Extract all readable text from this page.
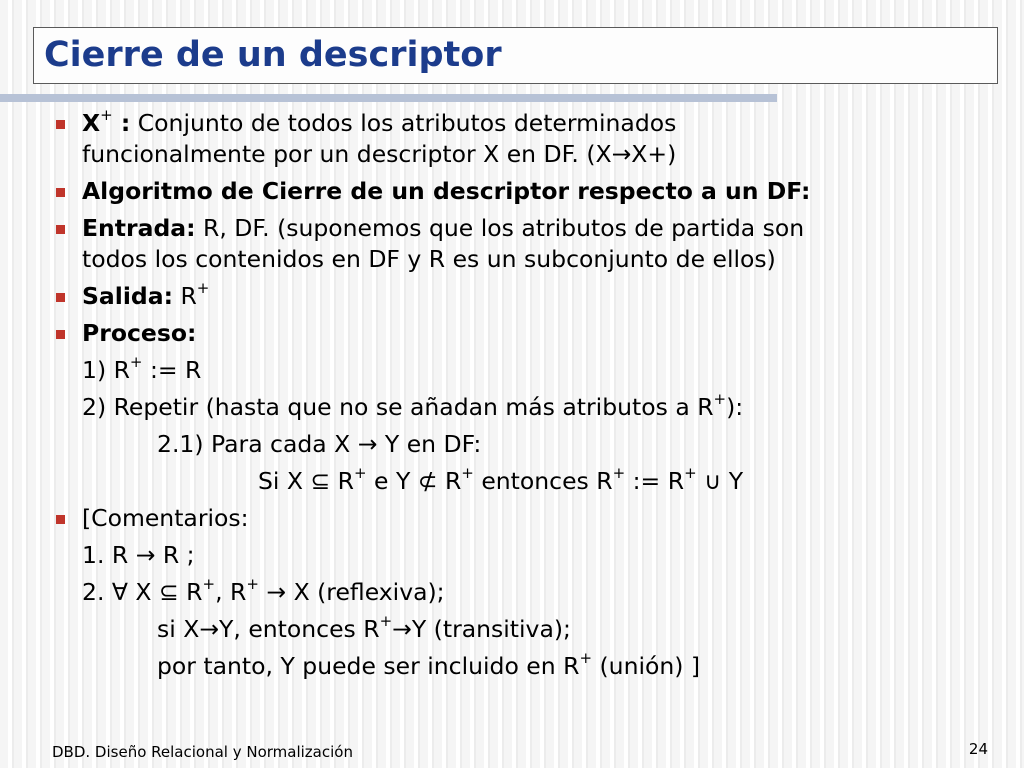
Cierre de un descriptor
X+ : Conjunto de todos los atributos determinados
funcionalmente por un descriptor X en DF. (X→X+)
Algoritmo de Cierre de un descriptor respecto a un DF:
Entrada: R, DF. (suponemos que los atributos de partida son
todos los contenidos en DF y R es un subconjunto de ellos)
Salida: R+
Proceso:
1) R+ := R
2) Repetir (hasta que no se añadan más atributos a R+):
2.1) Para cada X → Y en DF:
Si X ⊆ R+ e Y ⊄ R+ entonces R+ := R+ ∪ Y
[Comentarios:
1. R → R ;
2. ∀ X ⊆ R+, R+ → X (reflexiva);
si X→Y, entonces R+→Y (transitiva);
por tanto, Y puede ser incluido en R+ (unión) ]
DBD. Diseño Relacional y Normalización	24
